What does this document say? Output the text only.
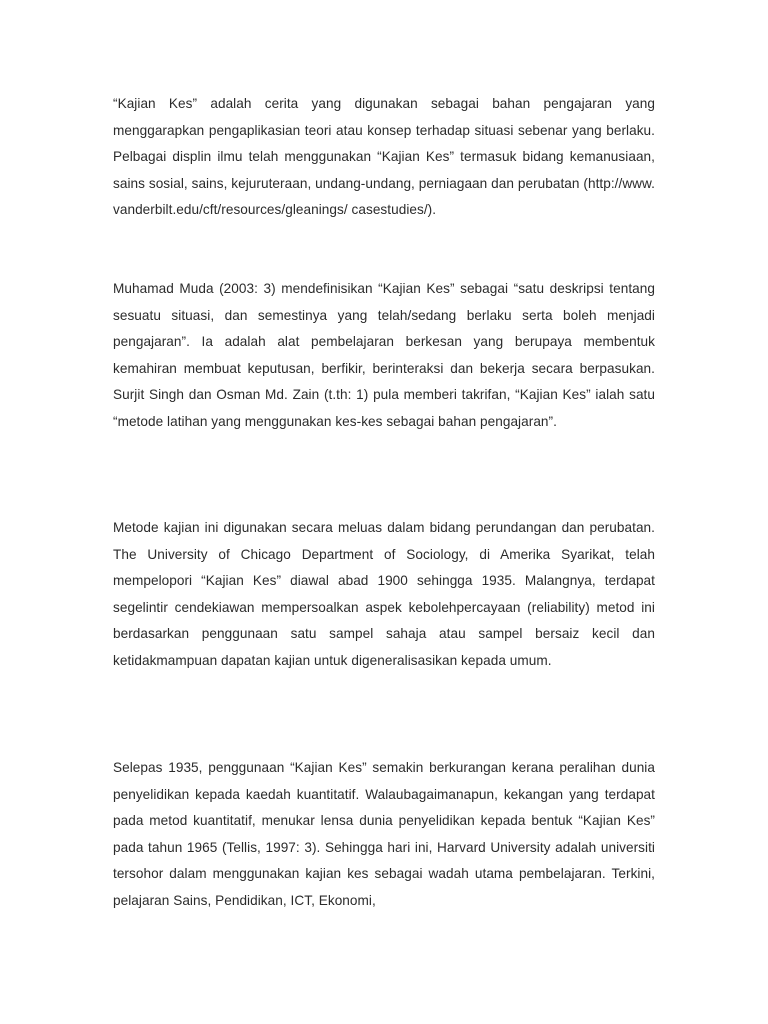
“Kajian Kes” adalah cerita yang digunakan sebagai bahan pengajaran yang menggarapkan pengaplikasian teori atau konsep terhadap situasi sebenar yang berlaku. Pelbagai displin ilmu telah menggunakan “Kajian Kes” termasuk bidang kemanusiaan, sains sosial, sains, kejuruteraan, undang-undang, perniagaan dan perubatan (http://www. vanderbilt.edu/cft/resources/gleanings/ casestudies/).

Muhamad Muda (2003: 3) mendefinisikan “Kajian Kes” sebagai “satu deskripsi tentang sesuatu situasi, dan semestinya yang telah/sedang berlaku serta boleh menjadi pengajaran”. Ia adalah alat pembelajaran berkesan yang berupaya membentuk kemahiran membuat keputusan, berfikir, berinteraksi dan bekerja secara berpasukan. Surjit Singh dan Osman Md. Zain (t.th: 1) pula memberi takrifan, “Kajian Kes” ialah satu “metode latihan yang menggunakan kes-kes sebagai bahan pengajaran”.

Metode kajian ini digunakan secara meluas dalam bidang perundangan dan perubatan. The University of Chicago Department of Sociology, di Amerika Syarikat, telah mempelopori “Kajian Kes” diawal abad 1900 sehingga 1935. Malangnya, terdapat segelintir cendekiawan mempersoalkan aspek kebolehpercayaan (reliability) metod ini berdasarkan penggunaan satu sampel sahaja atau sampel bersaiz kecil dan ketidakmampuan dapatan kajian untuk digeneralisasikan kepada umum.

Selepas 1935, penggunaan “Kajian Kes” semakin berkurangan kerana peralihan dunia penyelidikan kepada kaedah kuantitatif. Walaubagaimanapun, kekangan yang terdapat pada metod kuantitatif, menukar lensa dunia penyelidikan kepada bentuk “Kajian Kes” pada tahun 1965 (Tellis, 1997: 3). Sehingga hari ini, Harvard University adalah universiti tersohor dalam menggunakan kajian kes sebagai wadah utama pembelajaran. Terkini, pelajaran Sains, Pendidikan, ICT, Ekonomi,
